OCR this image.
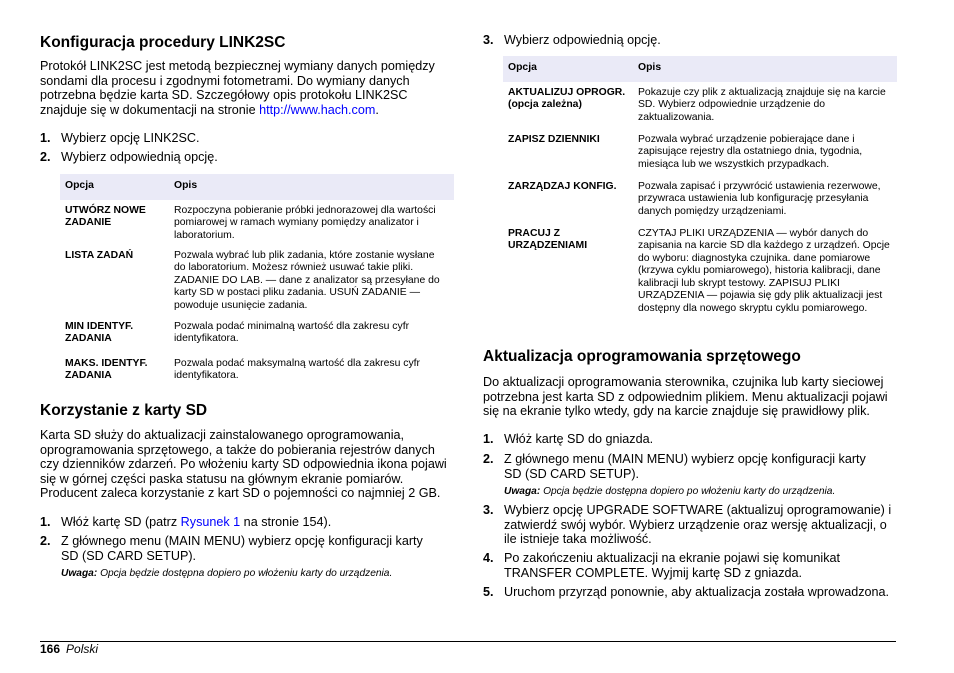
Konfiguracja procedury LINK2SC

Protokół LINK2SC jest metodą bezpiecznej wymiany danych pomiędzy sondami dla procesu i zgodnymi fotometrami. Do wymiany danych potrzebna będzie karta SD. Szczegółowy opis protokołu LINK2SC znajduje się w dokumentacji na stronie http://www.hach.com.

1. Wybierz opcję LINK2SC.
2. Wybierz odpowiednią opcję.
Opcja	Opis
UTWÓRZ NOWE ZADANIE	Rozpoczyna pobieranie próbki jednorazowej dla wartości pomiarowej w ramach wymiany pomiędzy analizator i laboratorium.
LISTA ZADAŃ	Pozwala wybrać lub plik zadania, które zostanie wysłane do laboratorium. Możesz również usuwać takie pliki. ZADANIE DO LAB. — dane z analizator są przesyłane do karty SD w postaci pliku zadania. USUŃ ZADANIE — powoduje usunięcie zadania.
MIN IDENTYF. ZADANIA	Pozwala podać minimalną wartość dla zakresu cyfr identyfikatora.
MAKS. IDENTYF. ZADANIA	Pozwala podać maksymalną wartość dla zakresu cyfr identyfikatora.
Korzystanie z karty SD

Karta SD służy do aktualizacji zainstalowanego oprogramowania, oprogramowania sprzętowego, a także do pobierania rejestrów danych czy dzienników zdarzeń. Po włożeniu karty SD odpowiednia ikona pojawi się w górnej części paska statusu na głównym ekranie pomiarów. Producent zaleca korzystanie z kart SD o pojemności co najmniej 2 GB.

1. Włóż kartę SD (patrz Rysunek 1 na stronie 154).
2. Z głównego menu (MAIN MENU) wybierz opcję konfiguracji karty SD (SD CARD SETUP).
Uwaga: Opcja będzie dostępna dopiero po włożeniu karty do urządzenia.
3. Wybierz odpowiednią opcję.
Opcja	Opis
AKTUALIZUJ OPROGR. (opcja zależna)	Pokazuje czy plik z aktualizacją znajduje się na karcie SD. Wybierz odpowiednie urządzenie do zaktualizowania.
ZAPISZ DZIENNIKI	Pozwala wybrać urządzenie pobierające dane i zapisujące rejestry dla ostatniego dnia, tygodnia, miesiąca lub we wszystkich przypadkach.
ZARZĄDZAJ KONFIG.	Pozwala zapisać i przywrócić ustawienia rezerwowe, przywraca ustawienia lub konfigurację przesyłania danych pomiędzy urządzeniami.
PRACUJ Z URZĄDZENIAMI	CZYTAJ PLIKI URZĄDZENIA — wybór danych do zapisania na karcie SD dla każdego z urządzeń. Opcje do wyboru: diagnostyka czujnika. dane pomiarowe (krzywa cyklu pomiarowego), historia kalibracji, dane kalibracji lub skrypt testowy. ZAPISUJ PLIKI URZĄDZENIA — pojawia się gdy plik aktualizacji jest dostępny dla nowego skryptu cyklu pomiarowego.
Aktualizacja oprogramowania sprzętowego

Do aktualizacji oprogramowania sterownika, czujnika lub karty sieciowej potrzebna jest karta SD z odpowiednim plikiem. Menu aktualizacji pojawi się na ekranie tylko wtedy, gdy na karcie znajduje się prawidłowy plik.

1. Włóż kartę SD do gniazda.
2. Z głównego menu (MAIN MENU) wybierz opcję konfiguracji karty SD (SD CARD SETUP).
Uwaga: Opcja będzie dostępna dopiero po włożeniu karty do urządzenia.
3. Wybierz opcję UPGRADE SOFTWARE (aktualizuj oprogramowanie) i zatwierdź swój wybór. Wybierz urządzenie oraz wersję aktualizacji, o ile istnieje taka możliwość.
4. Po zakończeniu aktualizacji na ekranie pojawi się komunikat TRANSFER COMPLETE. Wyjmij kartę SD z gniazda.
5. Uruchom przyrząd ponownie, aby aktualizacja została wprowadzona.
166 Polski
